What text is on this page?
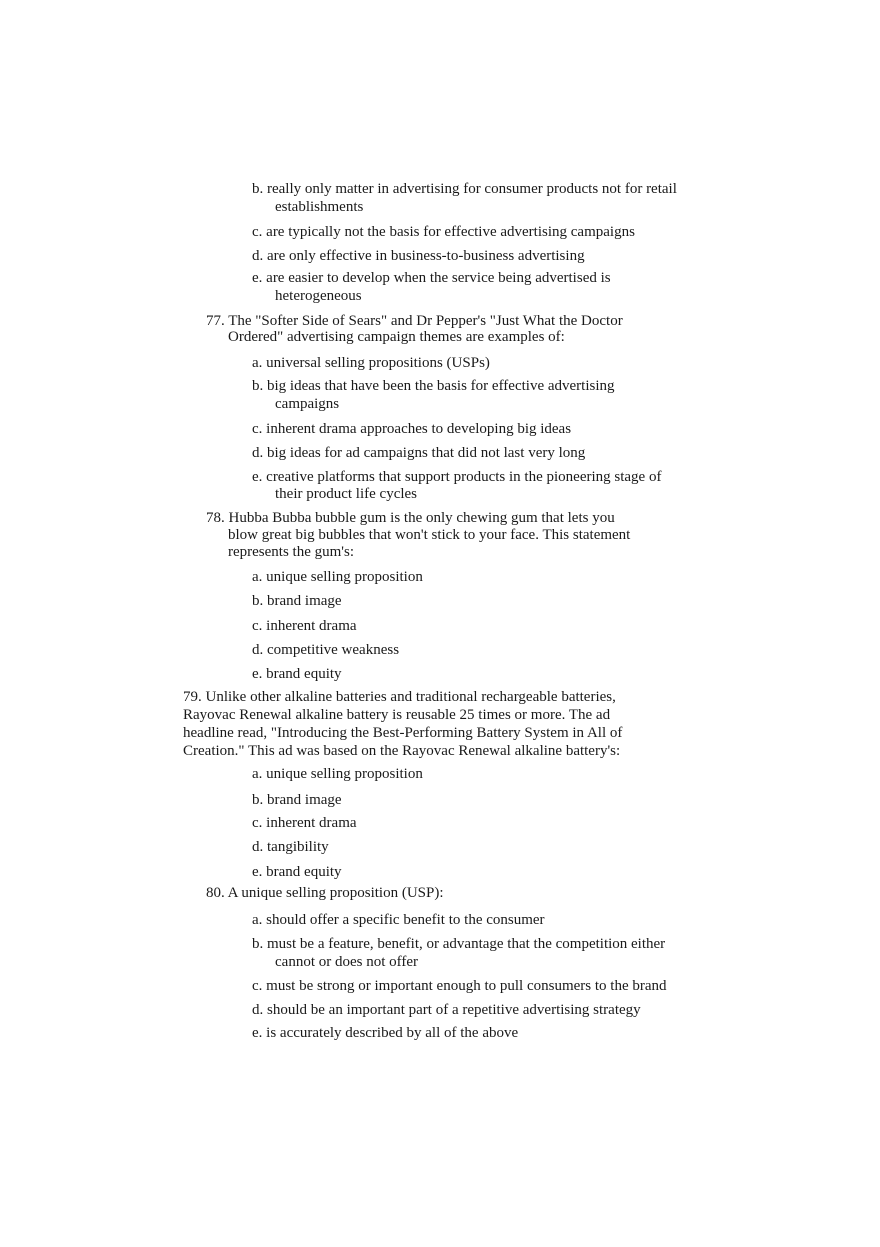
b. really only matter in advertising for consumer products not for retail
establishments
c. are typically not the basis for effective advertising campaigns
d. are only effective in business-to-business advertising
e. are easier to develop when the service being advertised is
heterogeneous
77. The "Softer Side of Sears" and Dr Pepper's "Just What the Doctor
Ordered" advertising campaign themes are examples of:
a. universal selling propositions (USPs)
b. big ideas that have been the basis for effective advertising
campaigns
c. inherent drama approaches to developing big ideas
d. big ideas for ad campaigns that did not last very long
e. creative platforms that support products in the pioneering stage of
their product life cycles
78. Hubba Bubba bubble gum is the only chewing gum that lets you
blow great big bubbles that won't stick to your face. This statement
represents the gum's:
a. unique selling proposition
b. brand image
c. inherent drama
d. competitive weakness
e. brand equity
79. Unlike other alkaline batteries and traditional rechargeable batteries,
Rayovac Renewal alkaline battery is reusable 25 times or more. The ad
headline read, "Introducing the Best-Performing Battery System in All of
Creation." This ad was based on the Rayovac Renewal alkaline battery's:
a. unique selling proposition
b. brand image
c. inherent drama
d. tangibility
e. brand equity
80. A unique selling proposition (USP):
a. should offer a specific benefit to the consumer
b. must be a feature, benefit, or advantage that the competition either
cannot or does not offer
c. must be strong or important enough to pull consumers to the brand
d. should be an important part of a repetitive advertising strategy
e. is accurately described by all of the above
